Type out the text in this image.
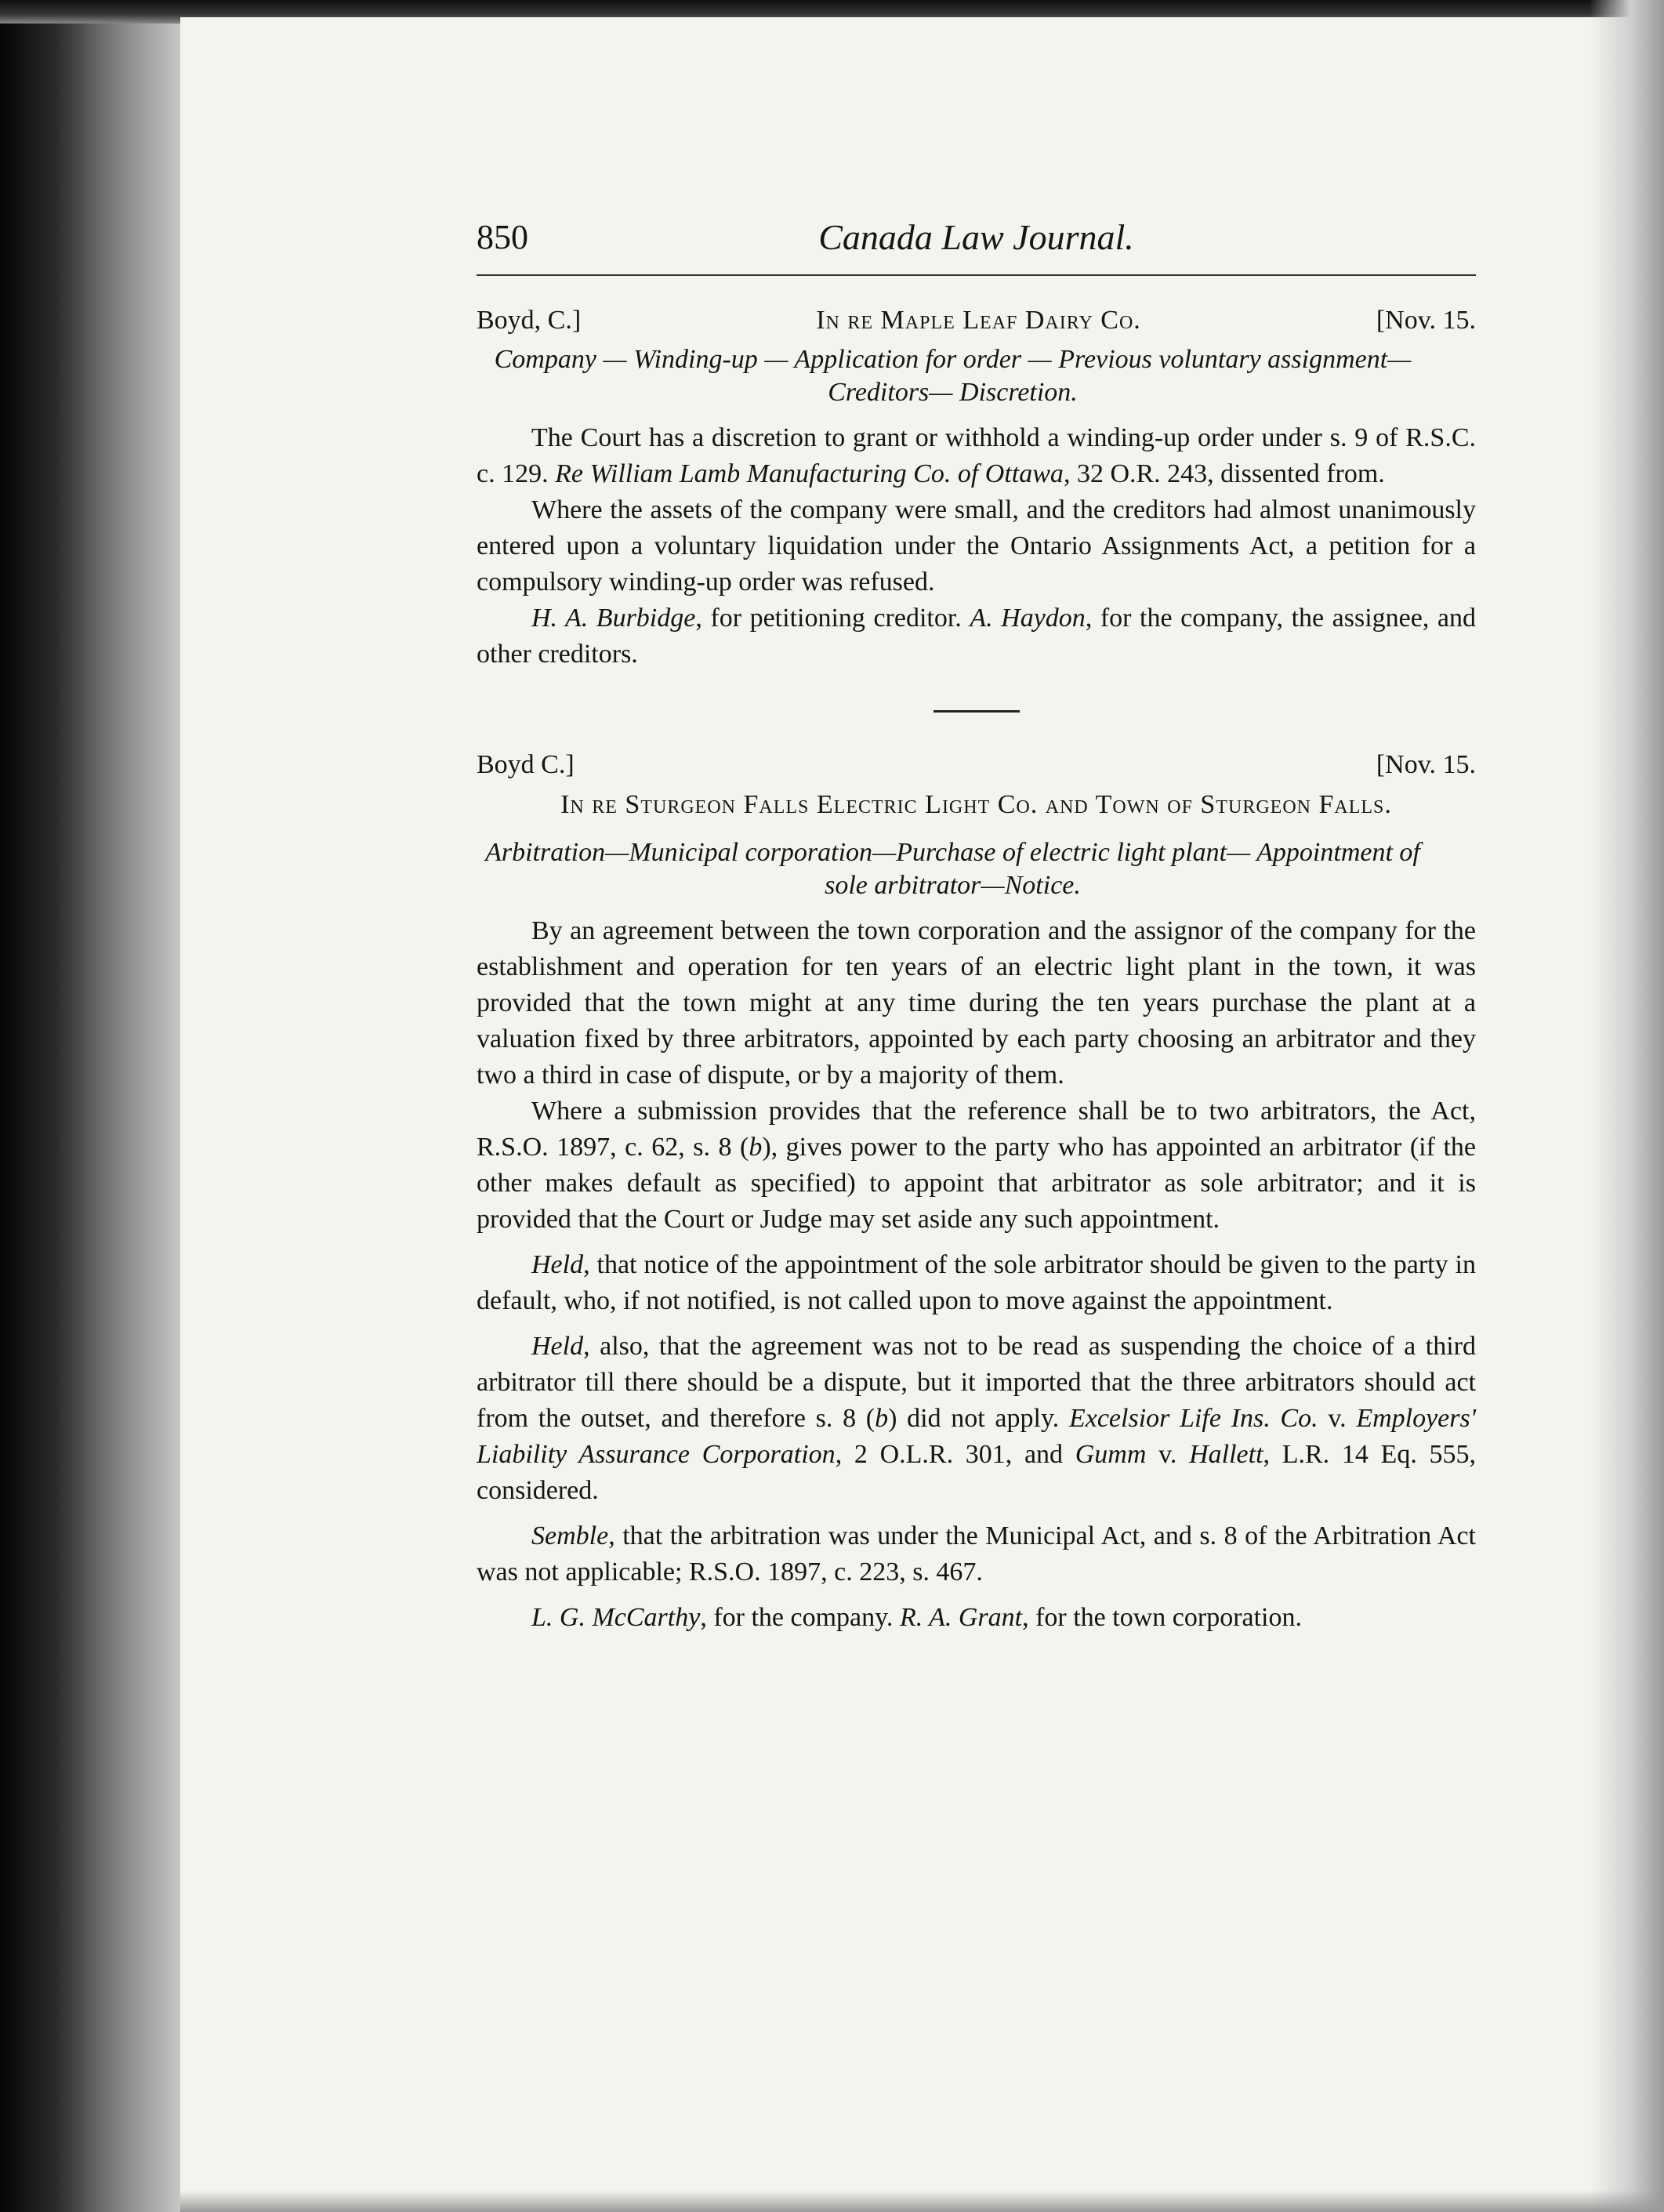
850	Canada Law Journal.
Boyd, C.]	In re Maple Leaf Dairy Co.	[Nov. 15.
Company — Winding-up — Application for order — Previous voluntary assignment— Creditors— Discretion.

The Court has a discretion to grant or withhold a winding-up order under s. 9 of R.S.C. c. 129. Re William Lamb Manufacturing Co. of Ottawa, 32 O.R. 243, dissented from.

Where the assets of the company were small, and the creditors had almost unanimously entered upon a voluntary liquidation under the Ontario Assignments Act, a petition for a compulsory winding-up order was refused.

H. A. Burbidge, for petitioning creditor. A. Haydon, for the company, the assignee, and other creditors.

Boyd C.]	[Nov. 15.
In re Sturgeon Falls Electric Light Co. and Town of Sturgeon Falls.
Arbitration—Municipal corporation—Purchase of electric light plant— Appointment of sole arbitrator—Notice.

By an agreement between the town corporation and the assignor of the company for the establishment and operation for ten years of an electric light plant in the town, it was provided that the town might at any time during the ten years purchase the plant at a valuation fixed by three arbitrators, appointed by each party choosing an arbitrator and they two a third in case of dispute, or by a majority of them.

Where a submission provides that the reference shall be to two arbitrators, the Act, R.S.O. 1897, c. 62, s. 8 (b), gives power to the party who has appointed an arbitrator (if the other makes default as specified) to appoint that arbitrator as sole arbitrator; and it is provided that the Court or Judge may set aside any such appointment.

Held, that notice of the appointment of the sole arbitrator should be given to the party in default, who, if not notified, is not called upon to move against the appointment.

Held, also, that the agreement was not to be read as suspending the choice of a third arbitrator till there should be a dispute, but it imported that the three arbitrators should act from the outset, and therefore s. 8 (b) did not apply. Excelsior Life Ins. Co. v. Employers' Liability Assurance Corporation, 2 O.L.R. 301, and Gumm v. Hallett, L.R. 14 Eq. 555, considered.

Semble, that the arbitration was under the Municipal Act, and s. 8 of the Arbitration Act was not applicable; R.S.O. 1897, c. 223, s. 467.

L. G. McCarthy, for the company. R. A. Grant, for the town corporation.
